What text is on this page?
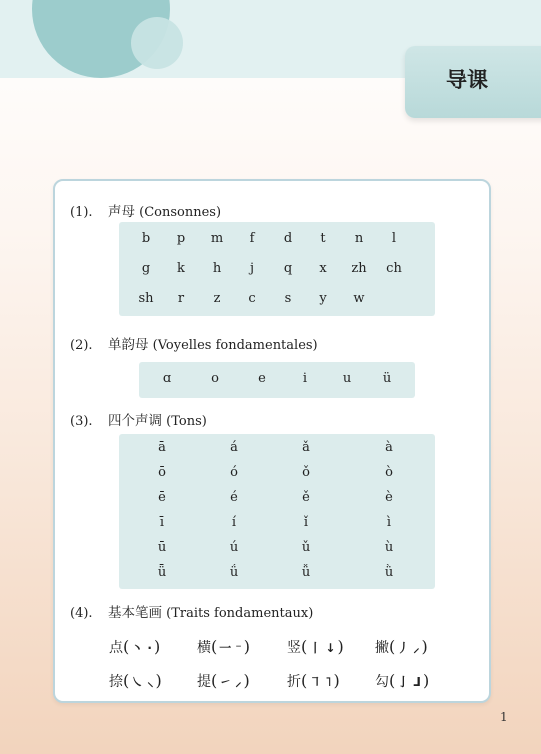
导课
(1). 声母 (Consonnes)
b	p	m	f	d	t	n	l
g	k	h	j	q	x	zh	ch
sh	r	z	c	s	y	w
(2). 单韵母 (Voyelles fondamentales)
ɑ	o	e	i	u	ü
(3). 四个声调 (Tons)
ā	á	ǎ	à
ō	ó	ǒ	ò
ē	é	ě	è
ī	í	ǐ	ì
ū	ú	ǔ	ù
ǖ	ǘ	ǚ	ǜ
(4). 基本笔画 (Traits fondamentaux)
点( 丶 · )	横( 一 ⁻ )	竖( 丨 ↓ ) 撇( 丿 ⸝ )
捺( ㇏ ⸜ )	提( ㇀ ⸝ )	折( ㇕ ˥ )	勾( 亅 ᒧ )
1
